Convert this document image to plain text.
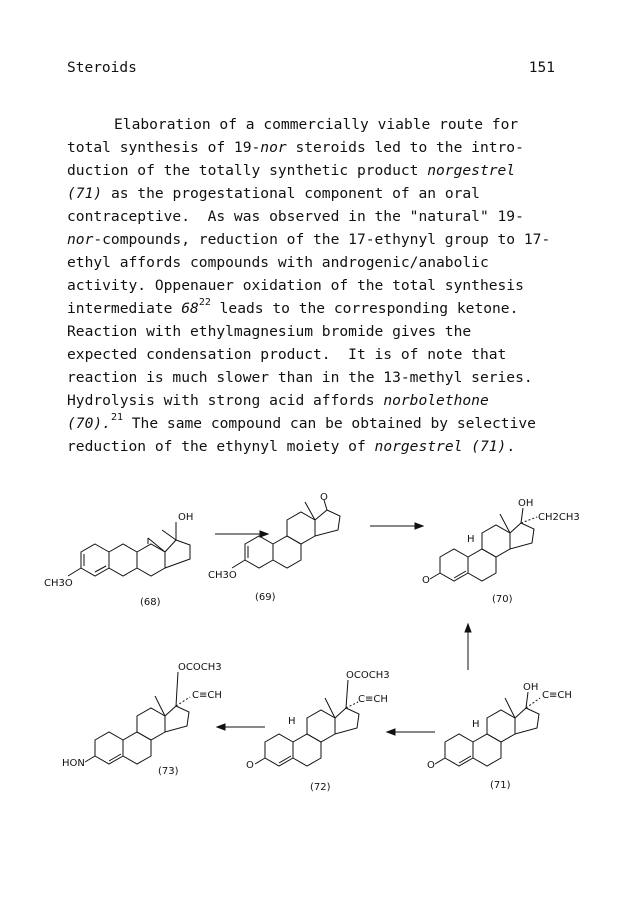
Steroids	151
Elaboration of a commercially viable route for
total synthesis of 19-nor steroids led to the intro-
duction of the totally synthetic product norgestrel
(71) as the progestational component of an oral
contraceptive.  As was observed in the "natural" 19-
nor-compounds, reduction of the 17-ethynyl group to 17-
ethyl affords compounds with androgenic/anabolic
activity. Oppenauer oxidation of the total synthesis
intermediate $68^{22}$ leads to the corresponding ketone.
Reaction with ethylmagnesium bromide gives the
expected condensation product.  It is of note that
reaction is much slower than in the 13-methyl series.
Hydrolysis with strong acid affords norbolethone
(70).$^{21}$ The same compound can be obtained by selective
reduction of the ethynyl moiety of norgestrel (71).
OH
CH3O
(68)
O
CH3O
(69)
OH
CH2CH3
H
O
(70)
OH
C≡CH
H
O
(71)
OCOCH3
C≡CH
H
O
(72)
OCOCH3
C≡CH
HON
(73)
